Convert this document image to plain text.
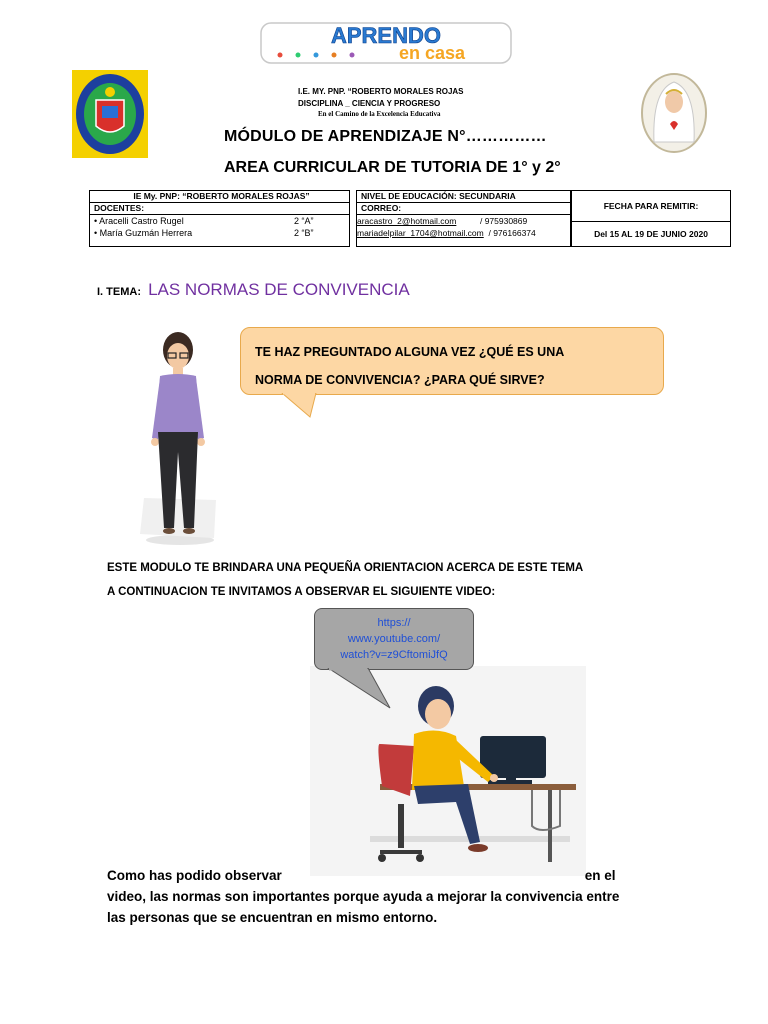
APRENDO
en casa
I.E. MY. PNP. “ROBERTO MORALES ROJAS
DISCIPLINA _ CIENCIA Y PROGRESO
En el Camino de la Excelencia Educativa
MÓDULO DE APRENDIZAJE N°……………
AREA CURRICULAR DE TUTORIA DE 1° y 2°
IE My. PNP: “ROBERTO MORALES ROJAS”
DOCENTES:
• Aracelli Castro Rugel	2 “A”
• María Guzmán Herrera	2 “B”
NIVEL DE EDUCACIÓN: SECUNDARIA
CORREO:
aracastro_2@hotmail.com	/ 975930869
mariadelpilar_1704@hotmail.com / 976166374
FECHA PARA REMITIR:
Del 15 AL 19 DE JUNIO 2020
I. TEMA: LAS NORMAS DE CONVIVENCIA
TE HAZ PREGUNTADO ALGUNA VEZ ¿QUÉ ES UNA
NORMA DE CONVIVENCIA? ¿PARA QUÉ SIRVE?
ESTE MODULO TE BRINDARA UNA PEQUEÑA ORIENTACION ACERCA DE ESTE TEMA
A CONTINUACION TE INVITAMOS A OBSERVAR EL SIGUIENTE VIDEO:
https://
www.youtube.com/
watch?v=z9CftomiJfQ
Como has podido observar	en el
video, las normas son importantes porque ayuda a mejorar la convivencia entre
las personas que se encuentran en mismo entorno.
